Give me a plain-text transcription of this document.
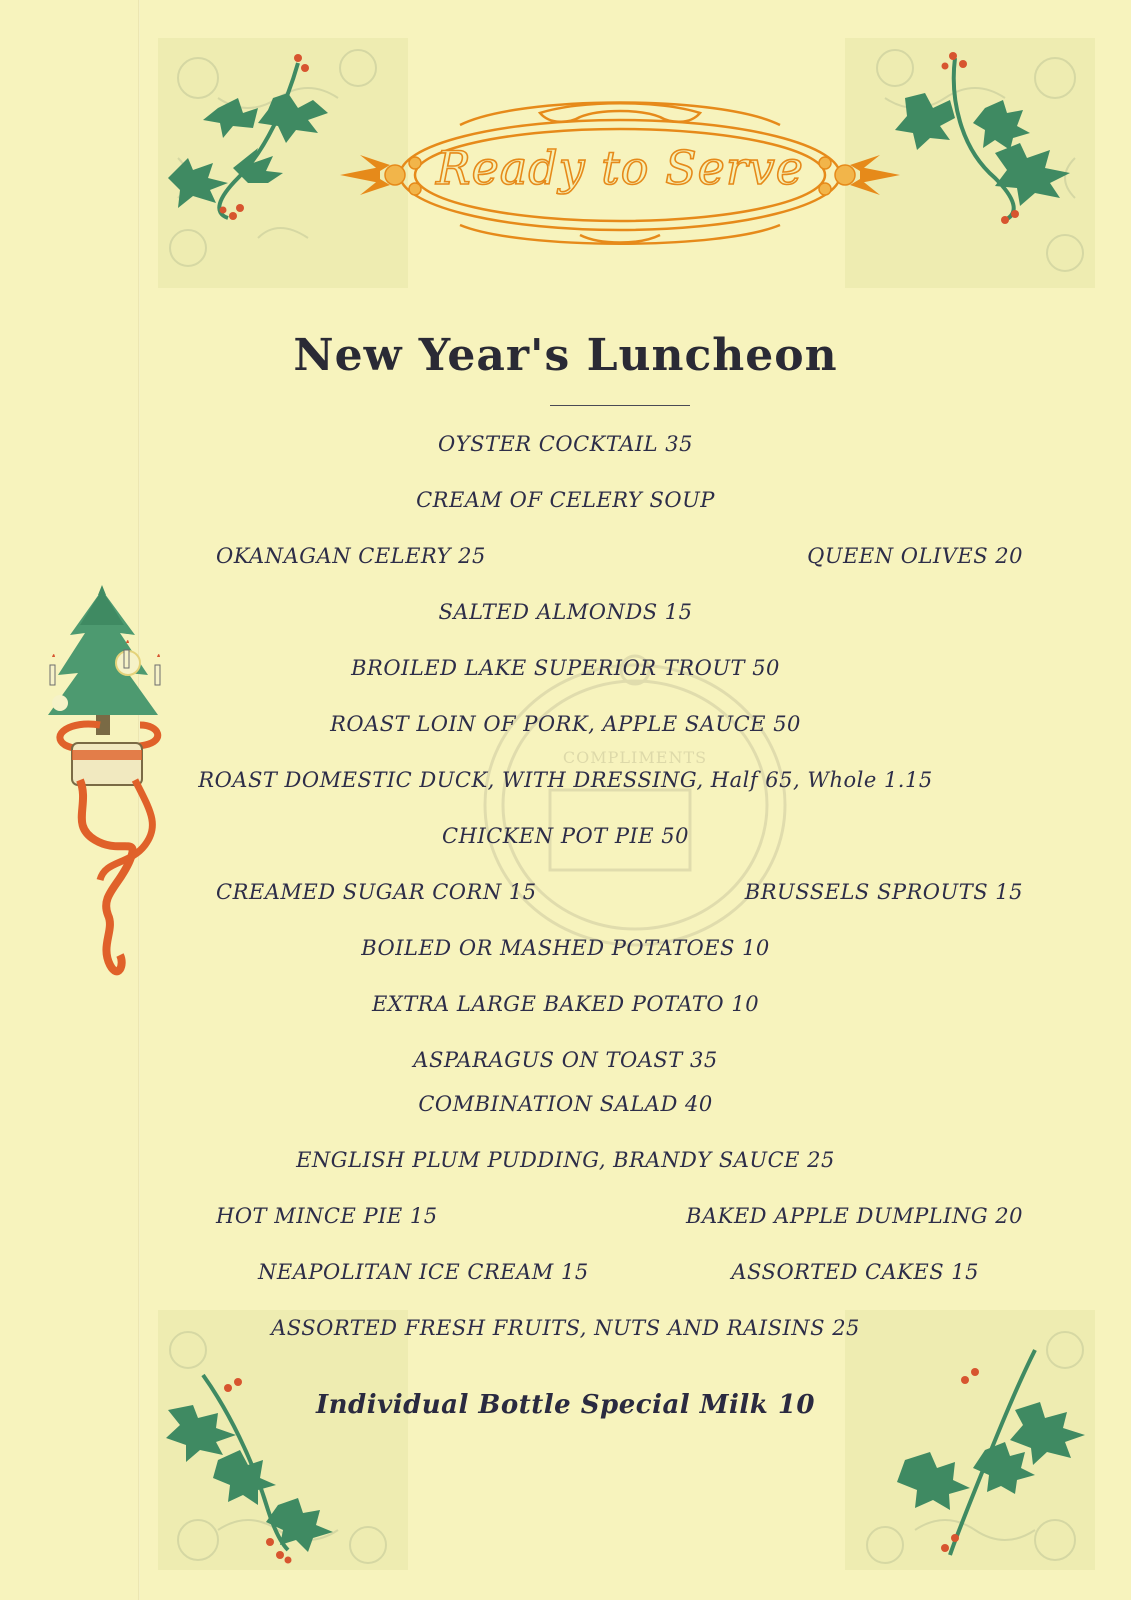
Ready to Serve
COMPLIMENTS
New Year's Luncheon
OYSTER COCKTAIL 35
CREAM OF CELERY SOUP
OKANAGAN CELERY 25	QUEEN OLIVES 20
SALTED ALMONDS 15
BROILED LAKE SUPERIOR TROUT 50
ROAST LOIN OF PORK, APPLE SAUCE 50
ROAST DOMESTIC DUCK, WITH DRESSING, Half 65, Whole 1.15
CHICKEN POT PIE 50
CREAMED SUGAR CORN 15	BRUSSELS SPROUTS 15
BOILED OR MASHED POTATOES 10
EXTRA LARGE BAKED POTATO 10
ASPARAGUS ON TOAST 35
COMBINATION SALAD 40
ENGLISH PLUM PUDDING, BRANDY SAUCE 25
HOT MINCE PIE 15	BAKED APPLE DUMPLING 20
NEAPOLITAN ICE CREAM 15	ASSORTED CAKES 15
ASSORTED FRESH FRUITS, NUTS AND RAISINS 25
Individual Bottle Special Milk 10
